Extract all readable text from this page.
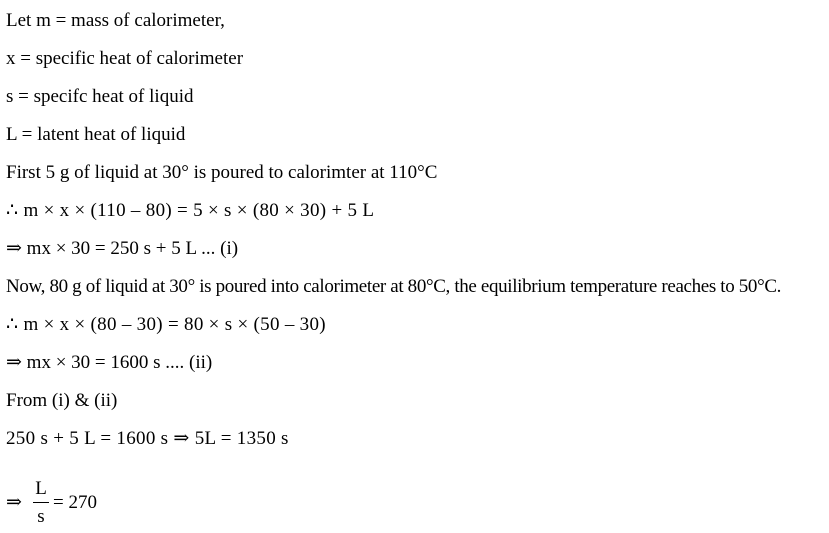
Let m = mass of calorimeter,
x = specific heat of calorimeter
s = specifc heat of liquid
L = latent heat of liquid
First 5 g of liquid at 30° is poured to calorimter at 110°C
∴ m × x × (110 – 80) = 5 × s × (80 × 30) + 5 L
⇒ mx × 30 = 250 s + 5 L ... (i)
Now, 80 g of liquid at 30° is poured into calorimeter at 80°C, the equilibrium temperature reaches to 50°C.
∴ m × x × (80 – 30) = 80 × s × (50 – 30)
⇒ mx × 30 = 1600 s .... (ii)
From (i) & (ii)
250 s + 5 L = 1600 s ⇒ 5L = 1350 s
⇒
L
s
= 270
